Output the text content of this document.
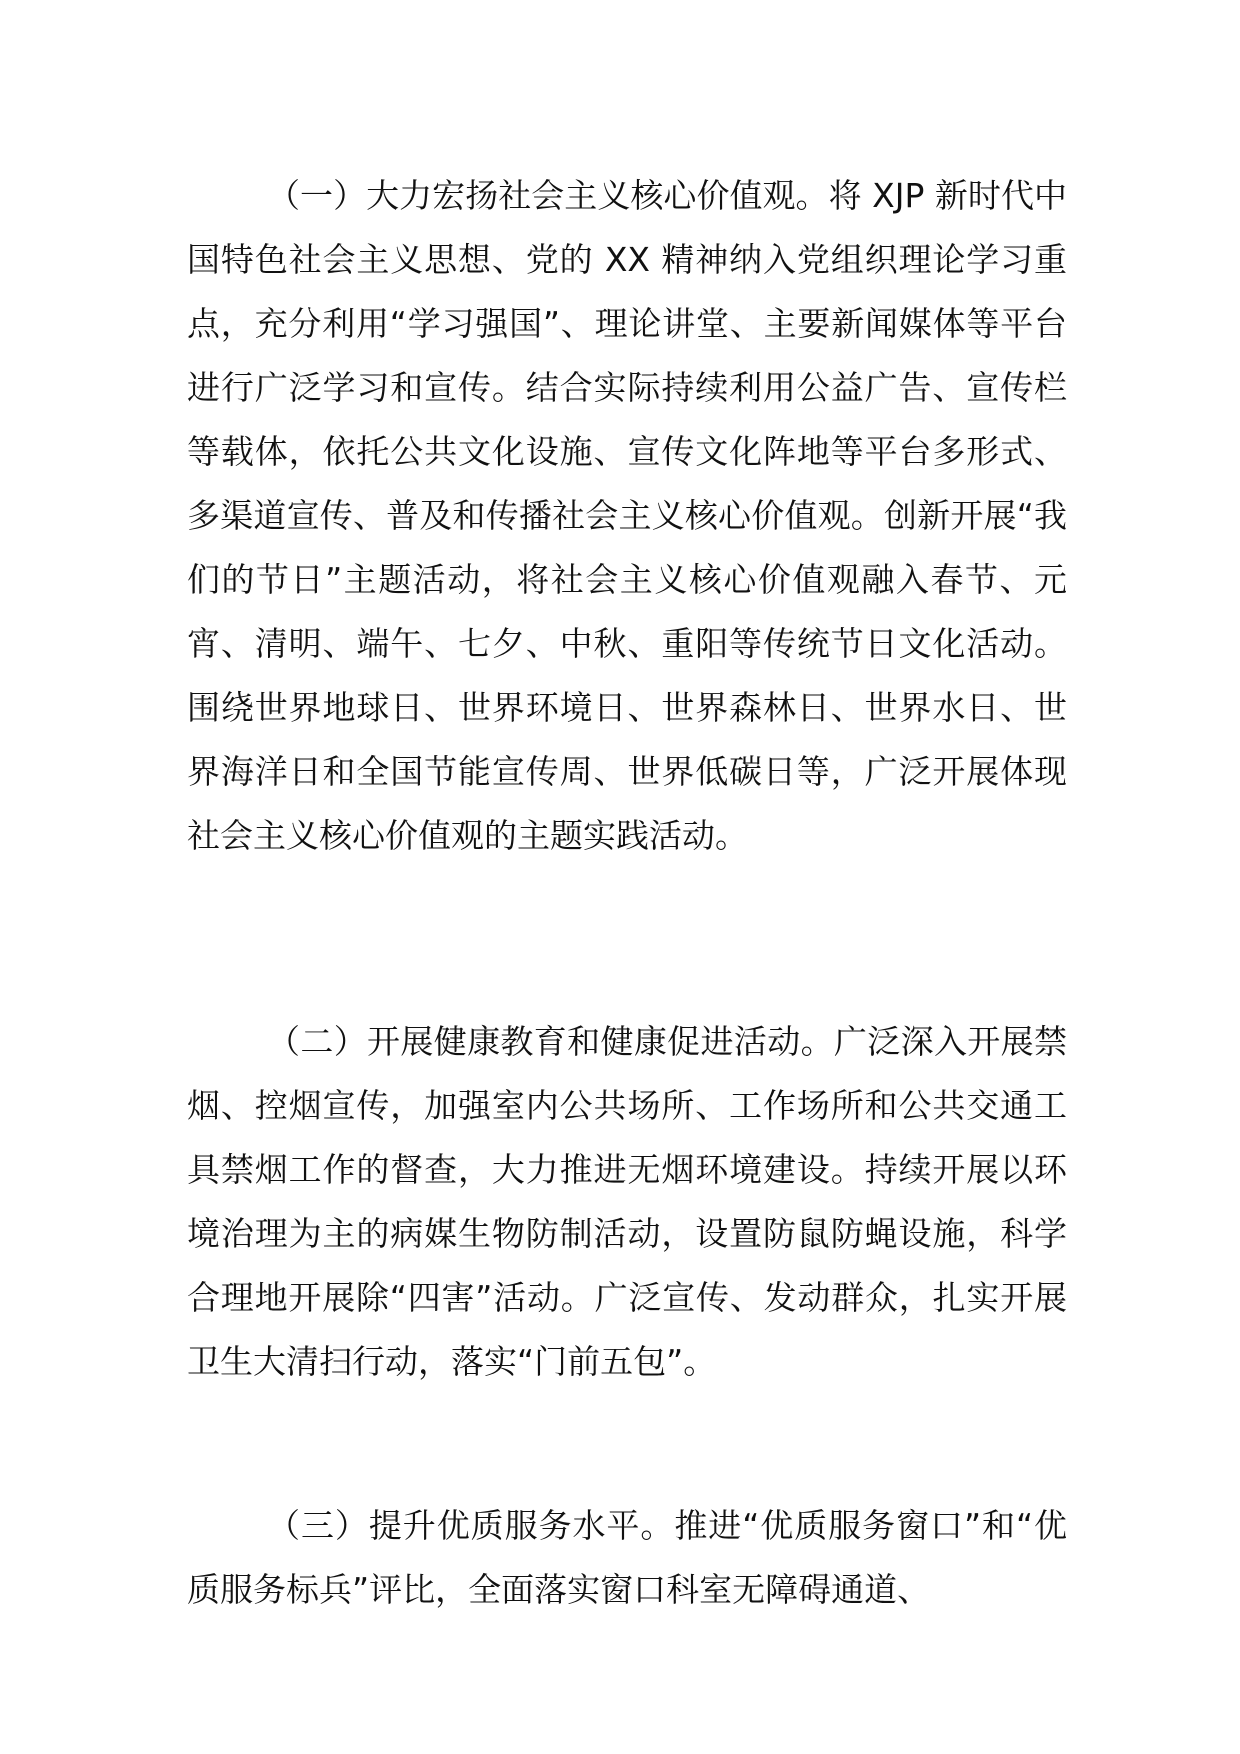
（一）大力宏扬社会主义核心价值观。将 XJP 新时代中国特色社会主义思想、党的 XX 精神纳入党组织理论学习重点，充分利用“学习强国”、理论讲堂、主要新闻媒体等平台进行广泛学习和宣传。结合实际持续利用公益广告、宣传栏等载体，依托公共文化设施、宣传文化阵地等平台多形式、多渠道宣传、普及和传播社会主义核心价值观。创新开展“我们的节日”主题活动，将社会主义核心价值观融入春节、元宵、清明、端午、七夕、中秋、重阳等传统节日文化活动。围绕世界地球日、世界环境日、世界森林日、世界水日、世界海洋日和全国节能宣传周、世界低碳日等，广泛开展体现社会主义核心价值观的主题实践活动。

（二）开展健康教育和健康促进活动。广泛深入开展禁烟、控烟宣传，加强室内公共场所、工作场所和公共交通工具禁烟工作的督查，大力推进无烟环境建设。持续开展以环境治理为主的病媒生物防制活动，设置防鼠防蝇设施，科学合理地开展除“四害”活动。广泛宣传、发动群众，扎实开展卫生大清扫行动，落实“门前五包”。

（三）提升优质服务水平。推进“优质服务窗口”和“优质服务标兵”评比，全面落实窗口科室无障碍通道、
